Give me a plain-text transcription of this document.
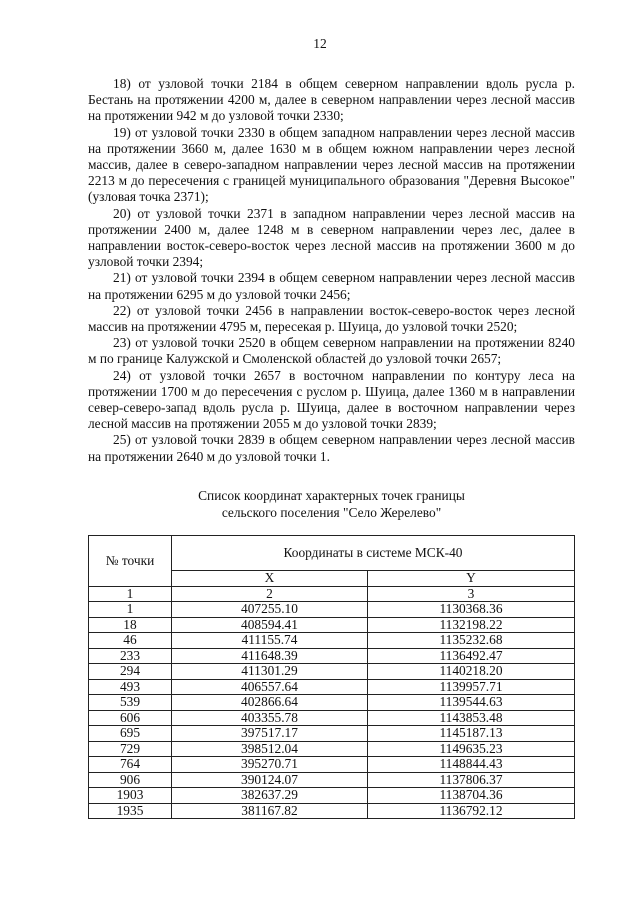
12

18) от узловой точки 2184 в общем северном направлении вдоль русла р. Бестань на протяжении 4200 м, далее в северном направлении через лесной массив на протяжении 942 м до узловой точки 2330;

19) от узловой точки 2330 в общем западном направлении через лесной массив на протяжении 3660 м, далее 1630 м в общем южном направлении через лесной массив, далее в северо-западном направлении через лесной массив на протяжении 2213 м до пересечения с границей муниципального образования "Деревня Высокое" (узловая точка 2371);

20) от узловой точки 2371 в западном направлении через лесной массив на протяжении 2400 м, далее 1248 м в северном направлении через лес, далее в направлении восток-северо-восток через лесной массив на протяжении 3600 м до узловой точки 2394;

21) от узловой точки 2394 в общем северном направлении через лесной массив на протяжении 6295 м до узловой точки 2456;

22) от узловой точки 2456 в направлении восток-северо-восток через лесной массив на протяжении 4795 м, пересекая р. Шуица, до узловой точки 2520;

23) от узловой точки 2520 в общем северном направлении на протяжении 8240 м по границе Калужской и Смоленской областей до узловой точки 2657;

24) от узловой точки 2657 в восточном направлении по контуру леса на протяжении 1700 м до пересечения с руслом р. Шуица, далее 1360 м в направлении север-северо-запад вдоль русла р. Шуица, далее в восточном направлении через лесной массив на протяжении 2055 м до узловой точки 2839;

25) от узловой точки 2839 в общем северном направлении через лесной массив на протяжении 2640 м до узловой точки 1.

Список координат характерных точек границы
сельского поселения "Село Жерелево"
№ точки	Координаты в системе МСК-40	
	X	Y
1	2	3
1	407255.10	1130368.36
18	408594.41	1132198.22
46	411155.74	1135232.68
233	411648.39	1136492.47
294	411301.29	1140218.20
493	406557.64	1139957.71
539	402866.64	1139544.63
606	403355.78	1143853.48
695	397517.17	1145187.13
729	398512.04	1149635.23
764	395270.71	1148844.43
906	390124.07	1137806.37
1903	382637.29	1138704.36
1935	381167.82	1136792.12
